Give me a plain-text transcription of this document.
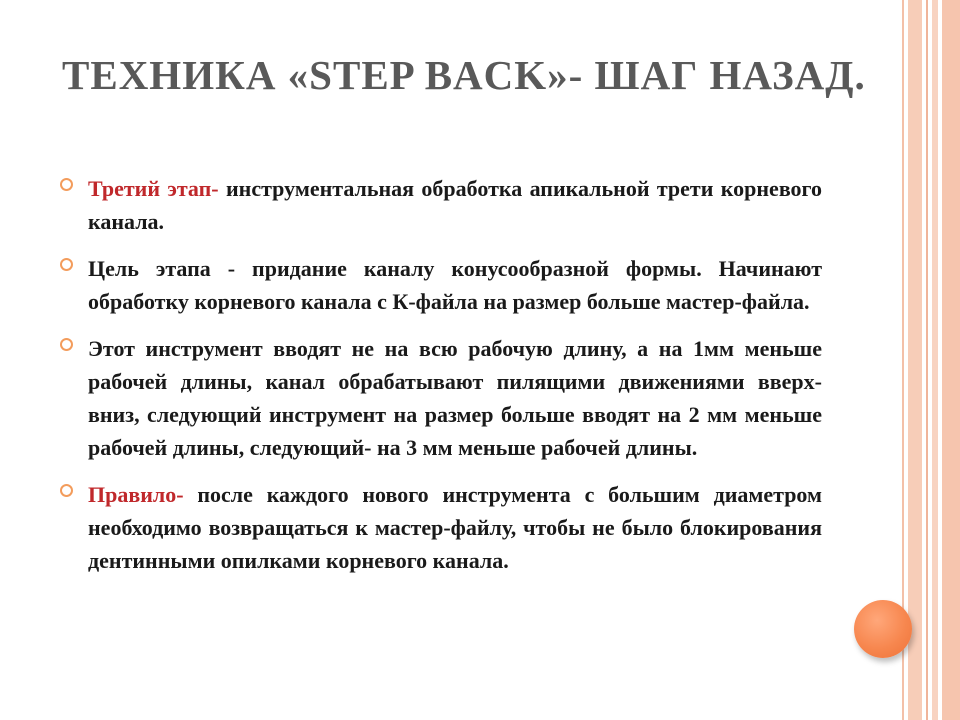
ТЕХНИКА «STEP BACK»- ШАГ НАЗАД.

Третий этап- инструментальная обработка апикальной трети корневого канала.

Цель этапа - придание каналу конусообразной формы. Начинают обработку корневого канала с К-файла на размер больше мастер-файла.

Этот инструмент вводят не на всю рабочую длину, а на 1мм меньше рабочей длины, канал обрабатывают пилящими движениями вверх-вниз, следующий инструмент на размер больше вводят на 2 мм меньше рабочей длины, следующий- на 3 мм меньше рабочей длины.

Правило- после каждого нового инструмента с большим диаметром необходимо возвращаться к мастер-файлу, чтобы не было блокирования дентинными опилками корневого канала.
